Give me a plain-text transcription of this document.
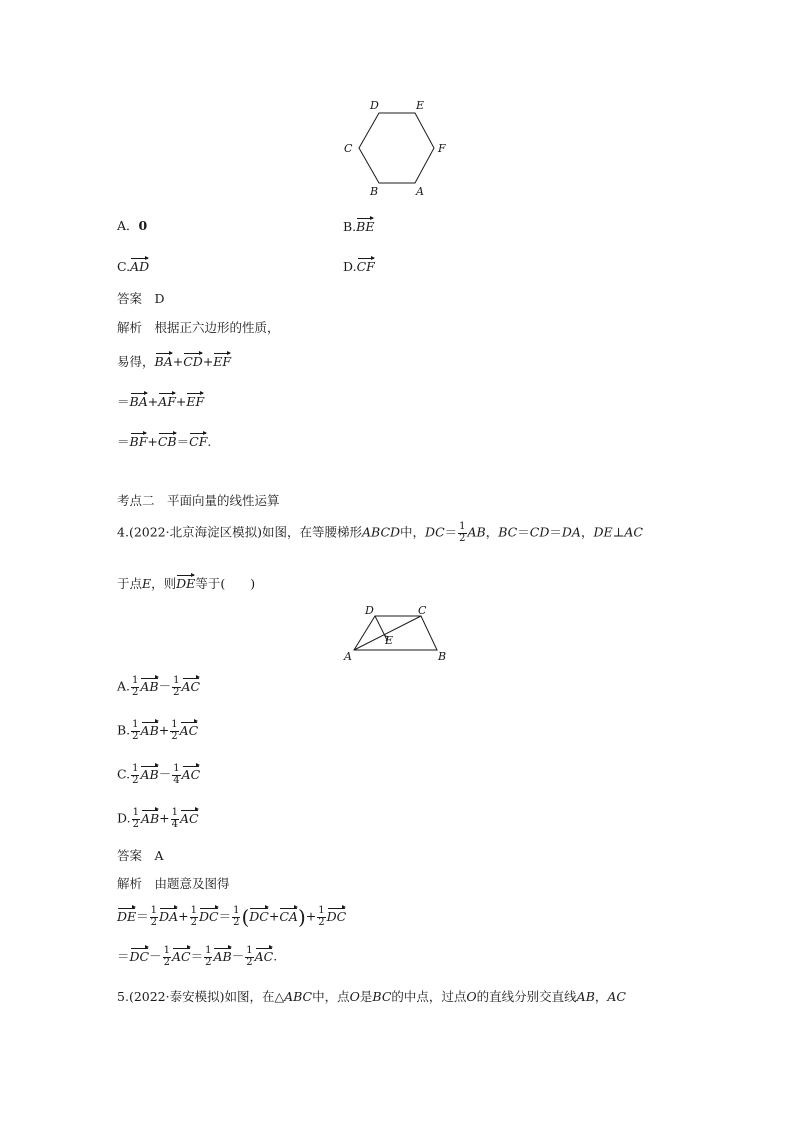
D	E
C	F
B	A
A．0	B.BE
C.AD	D.CF
答案　 D
解析　 根据正六边形的性质，
易得，BA+CD+EF
＝BA+AF+EF
＝BF+CB＝CF.
考点二　平面向量的线性运算
4.(2022·北京海淀区模拟)如图，在等腰梯形ABCD中，$DC= \frac{1}{2}$ AB，BC＝CD＝DA，DE⊥AC
于点E，则DE等于(　　)
D	C
E
A	B
A. $\frac{1}{2} AB- \frac{1}{2}$ AC
B. $\frac{1}{2} AB+ \frac{1}{2}$ AC
C. $\frac{1}{2} AB- \frac{1}{4}$ AC
D. $\frac{1}{2} AB+ \frac{1}{4}$ AC
答案　 A
解析　 由题意及图得
$DE= \frac{1}{2} DA+ \frac{1}{2} DC= \frac{1}{2} (DC+CA)+ \frac{1}{2}$ DC
$=DC- \frac{1}{2} AC= \frac{1}{2} AB- \frac{1}{2}$ AC.
5.(2022·泰安模拟)如图，在△ABC中，点O是BC的中点，过点O的直线分别交直线AB，AC
